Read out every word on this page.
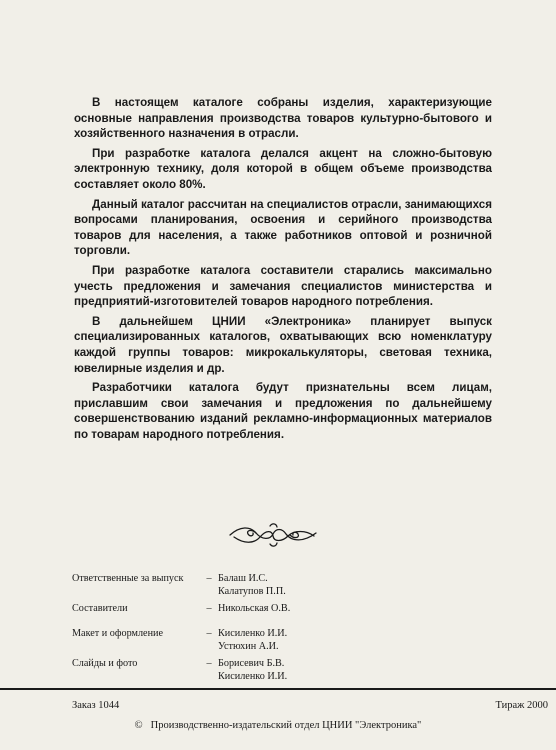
В настоящем каталоге собраны изделия, характеризующие основные направления производства товаров культурно-бытового и хозяйственного назначения в отрасли.

При разработке каталога делался акцент на сложно-бытовую электронную технику, доля которой в общем объеме производства составляет около 80%.

Данный каталог рассчитан на специалистов отрасли, занимающихся вопросами планирования, освоения и серийного производства товаров для населения, а также работников оптовой и розничной торговли.

При разработке каталога составители старались максимально учесть предложения и замечания специалистов министерства и предприятий-изготовителей товаров народного потребления.

В дальнейшем ЦНИИ «Электроника» планирует выпуск специализированных каталогов, охватывающих всю номенклатуру каждой группы товаров: микрокалькуляторы, световая техника, ювелирные изделия и др.

Разработчики каталога будут признательны всем лицам, приславшим свои замечания и предложения по дальнейшему совершенствованию изданий рекламно-информационных материалов по товарам народного потребления.

Ответственные за выпуск	– Балаш И.С.
Калатупов П.П.
Составители	– Никольская О.В.
Макет и оформление	– Кисиленко И.И.
Устюхин А.И.
Слайды и фото	– Борисевич Б.В.
Кисиленко И.И.
Заказ 1044	Тираж 2000
© Производственно-издательский отдел ЦНИИ "Электроника"
